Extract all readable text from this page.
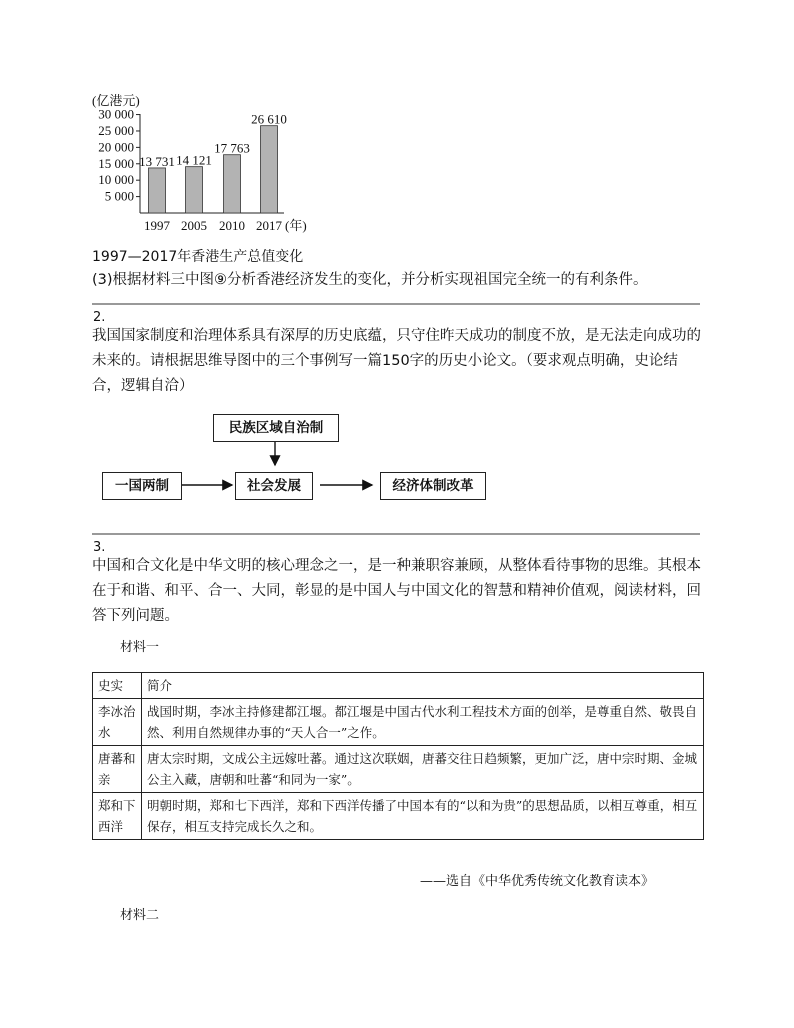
(亿港元)
30 000
25 000
20 000
15 000
10 000
5 000
13 731
1997
14 121
2005
17 763
2010
26 610
2017 (年)
1997—2017年香港生产总值变化
(3)根据材料三中图⑨分析香港经济发生的变化，并分析实现祖国完全统一的有利条件。
2.
我国国家制度和治理体系具有深厚的历史底蕴，只守住昨天成功的制度不放，是无法走向成功的未来的。请根据思维导图中的三个事例写一篇150字的历史小论文。（要求观点明确，史论结合，逻辑自洽）
民族区域自治制
一国两制	社会发展	经济体制改革
3.
中国和合文化是中华文明的核心理念之一，是一种兼职容兼顾，从整体看待事物的思维。其根本在于和谐、和平、合一、大同，彰显的是中国人与中国文化的智慧和精神价值观，阅读材料，回答下列问题。
材料一
史实	简介
李冰治水	战国时期，李冰主持修建都江堰。都江堰是中国古代水利工程技术方面的创举，是尊重自然、敬畏自然、利用自然规律办事的“天人合一”之作。
唐蕃和亲	唐太宗时期，文成公主远嫁吐蕃。通过这次联姻，唐蕃交往日趋频繁，更加广泛，唐中宗时期、金城公主入藏，唐朝和吐蕃“和同为一家”。
郑和下西洋	明朝时期，郑和七下西洋，郑和下西洋传播了中国本有的“以和为贵”的思想品质，以相互尊重，相互保存，相互支持完成长久之和。
——选自《中华优秀传统文化教育读本》
材料二
